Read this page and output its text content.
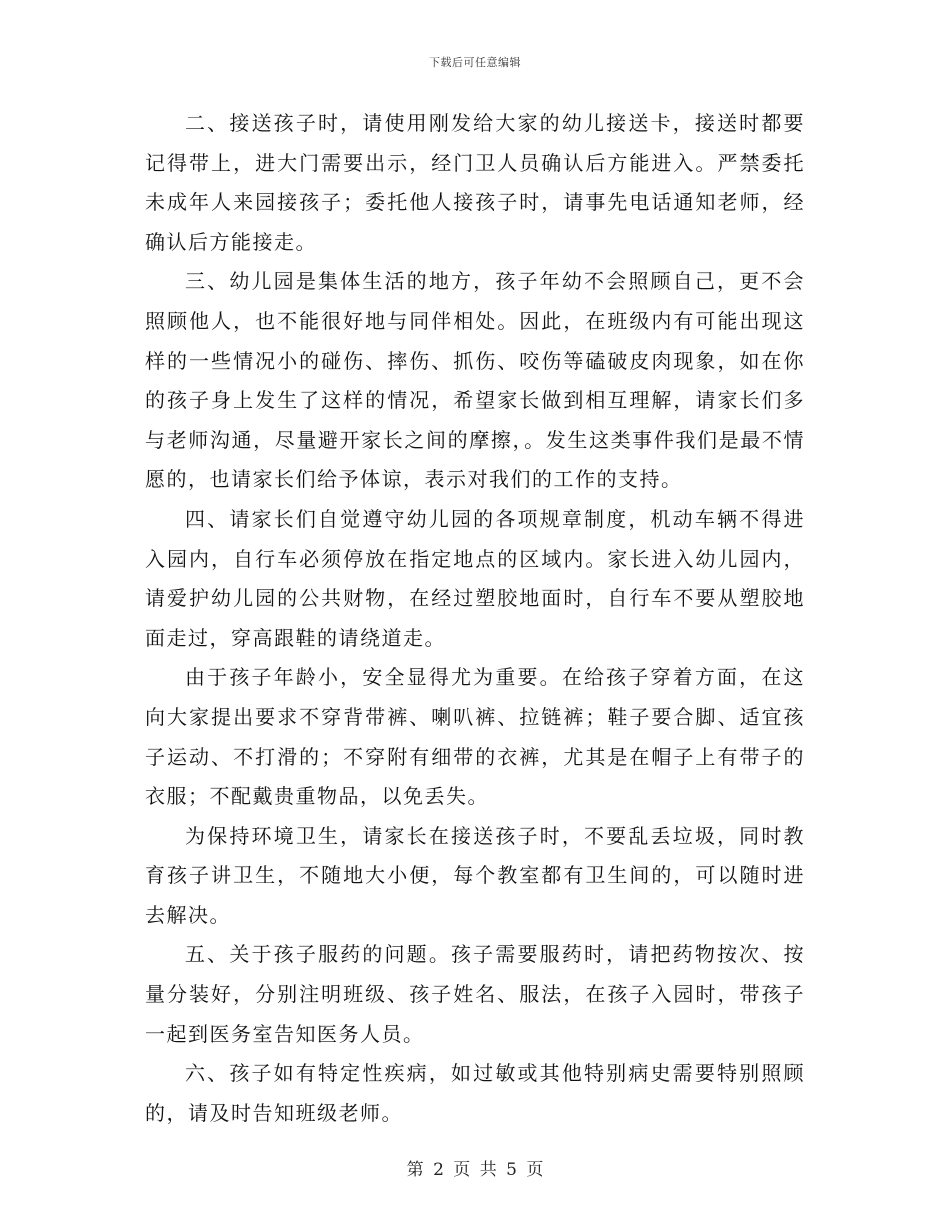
下载后可任意编辑

二、接送孩子时，请使用刚发给大家的幼儿接送卡，接送时都要记得带上，进大门需要出示，经门卫人员确认后方能进入。严禁委托未成年人来园接孩子；委托他人接孩子时，请事先电话通知老师，经确认后方能接走。

三、幼儿园是集体生活的地方，孩子年幼不会照顾自己，更不会照顾他人，也不能很好地与同伴相处。因此，在班级内有可能出现这样的一些情况小的碰伤、摔伤、抓伤、咬伤等磕破皮肉现象，如在你的孩子身上发生了这样的情况，希望家长做到相互理解，请家长们多与老师沟通，尽量避开家长之间的摩擦，。发生这类事件我们是最不情愿的，也请家长们给予体谅，表示对我们的工作的支持。

四、请家长们自觉遵守幼儿园的各项规章制度，机动车辆不得进入园内，自行车必须停放在指定地点的区域内。家长进入幼儿园内，请爱护幼儿园的公共财物，在经过塑胶地面时，自行车不要从塑胶地面走过，穿高跟鞋的请绕道走。

由于孩子年龄小，安全显得尤为重要。在给孩子穿着方面，在这向大家提出要求不穿背带裤、喇叭裤、拉链裤；鞋子要合脚、适宜孩子运动、不打滑的；不穿附有细带的衣裤，尤其是在帽子上有带子的衣服；不配戴贵重物品，以免丢失。

为保持环境卫生，请家长在接送孩子时，不要乱丢垃圾，同时教育孩子讲卫生，不随地大小便，每个教室都有卫生间的，可以随时进去解决。

五、关于孩子服药的问题。孩子需要服药时，请把药物按次、按量分装好，分别注明班级、孩子姓名、服法，在孩子入园时，带孩子一起到医务室告知医务人员。

六、孩子如有特定性疾病，如过敏或其他特别病史需要特别照顾的，请及时告知班级老师。

第 2 页 共 5 页
